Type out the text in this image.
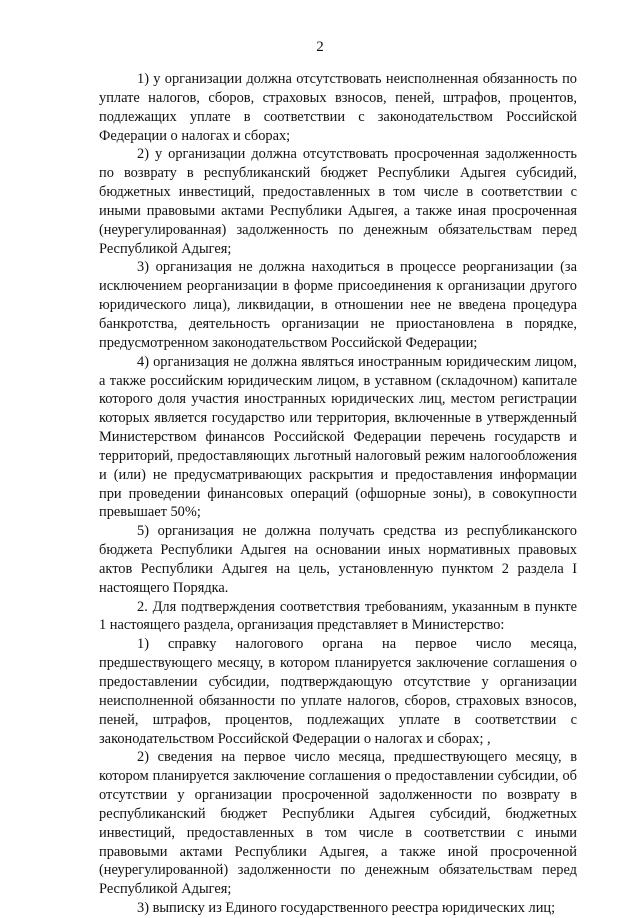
2

1) у организации должна отсутствовать неисполненная обязанность по уплате налогов, сборов, страховых взносов, пеней, штрафов, процентов, подлежащих уплате в соответствии с законодательством Российской Федерации о налогах и сборах;

2) у организации должна отсутствовать просроченная задолженность по возврату в республиканский бюджет Республики Адыгея субсидий, бюджетных инвестиций, предоставленных в том числе в соответствии с иными правовыми актами Республики Адыгея, а также иная просроченная (неурегулированная) задолженность по денежным обязательствам перед Республикой Адыгея;

3) организация не должна находиться в процессе реорганизации (за исключением реорганизации в форме присоединения к организации другого юридического лица), ликвидации, в отношении нее не введена процедура банкротства, деятельность организации не приостановлена в порядке, предусмотренном законодательством Российской Федерации;

4) организация не должна являться иностранным юридическим лицом, а также российским юридическим лицом, в уставном (складочном) капитале которого доля участия иностранных юридических лиц, местом регистрации которых является государство или территория, включенные в утвержденный Министерством финансов Российской Федерации перечень государств и территорий, предоставляющих льготный налоговый режим налогообложения и (или) не предусматривающих раскрытия и предоставления информации при проведении финансовых операций (офшорные зоны), в совокупности превышает 50%;

5) организация не должна получать средства из республиканского бюджета Республики Адыгея на основании иных нормативных правовых актов Республики Адыгея на цель, установленную пунктом 2 раздела I настоящего Порядка.

2. Для подтверждения соответствия требованиям, указанным в пункте 1 настоящего раздела, организация представляет в Министерство:

1) справку налогового органа на первое число месяца, предшествующего месяцу, в котором планируется заключение соглашения о предоставлении субсидии, подтверждающую отсутствие у организации неисполненной обязанности по уплате налогов, сборов, страховых взносов, пеней, штрафов, процентов, подлежащих уплате в соответствии с законодательством Российской Федерации о налогах и сборах; ,

2) сведения на первое число месяца, предшествующего месяцу, в котором планируется заключение соглашения о предоставлении субсидии, об отсутствии у организации просроченной задолженности по возврату в республиканский бюджет Республики Адыгея субсидий, бюджетных инвестиций, предоставленных в том числе в соответствии с иными правовыми актами Республики Адыгея, а также иной просроченной (неурегулированной) задолженности по денежным обязательствам перед Республикой Адыгея;

3) выписку из Единого государственного реестра юридических лиц;
